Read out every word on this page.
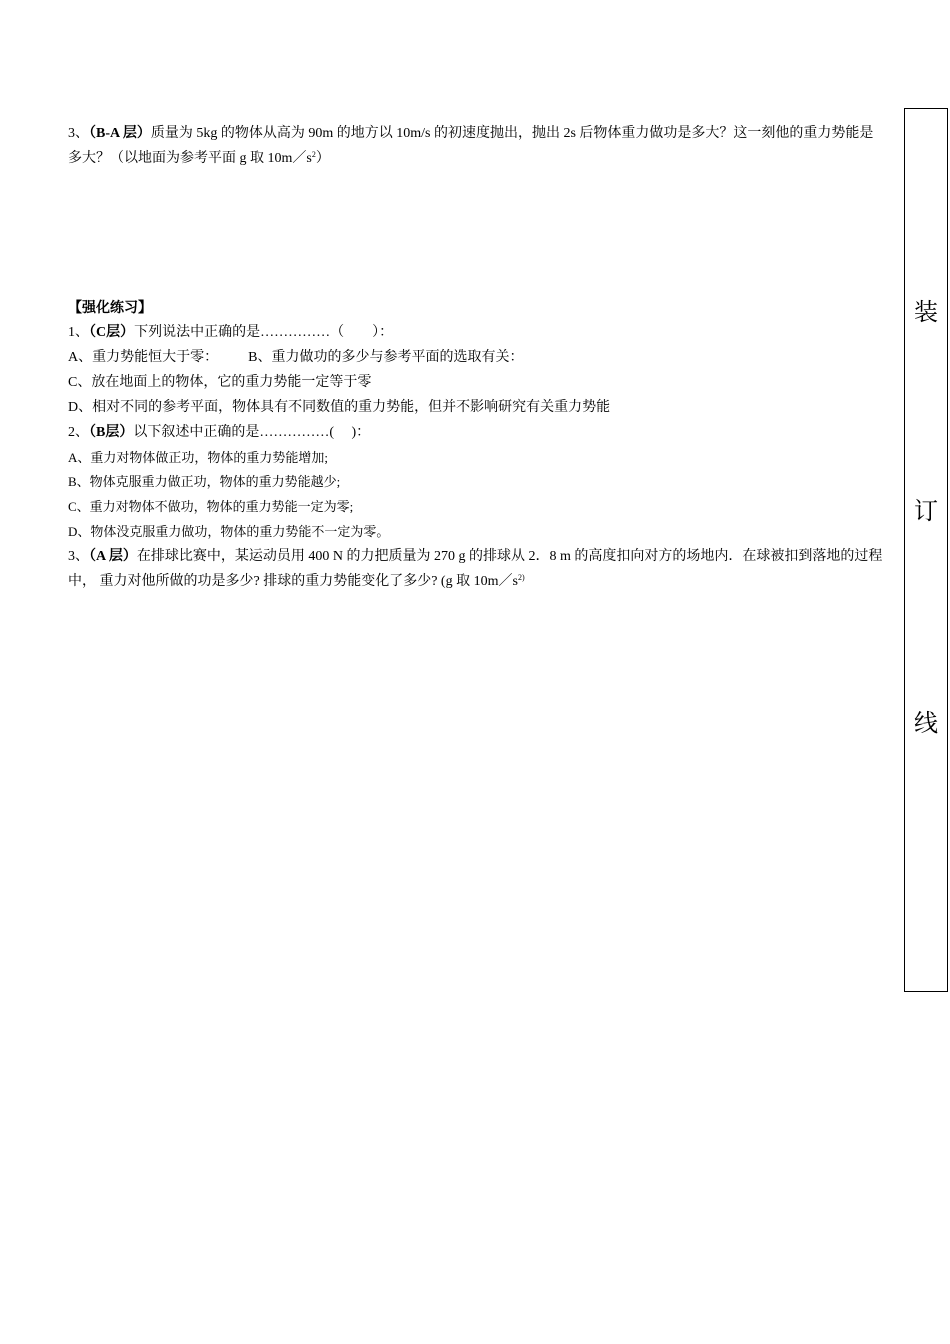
3、（B-A 层）质量为 5kg 的物体从高为 90m 的地方以 10m/s 的初速度抛出，抛出 2s 后物体重力做功是多大？这一刻他的重力势能是
多大？（以地面为参考平面 g 取 $10m/s^2$）
【强化练习】
1、（C层）下列说法中正确的是……………（　　）：
A、重力势能恒大于零： B、重力做功的多少与参考平面的选取有关：
C、放在地面上的物体，它的重力势能一定等于零
D、相对不同的参考平面，物体具有不同数值的重力势能，但并不影响研究有关重力势能
2、（B层）以下叙述中正确的是……………(　 )：
A、重力对物体做正功，物体的重力势能增加;
B、物体克服重力做正功，物体的重力势能越少;
C、重力对物体不做功，物体的重力势能一定为零;
D、物体没克服重力做功，物体的重力势能不一定为零。
3、（A 层）在排球比赛中，某运动员用 400 N 的力把质量为 270 g 的排球从 2．8 m 的高度扣向对方的场地内．在球被扣到落地的过程
中， 重力对他所做的功是多少? 排球的重力势能变化了多少? (g 取 $10m/s^{2)}$
装
订
线
